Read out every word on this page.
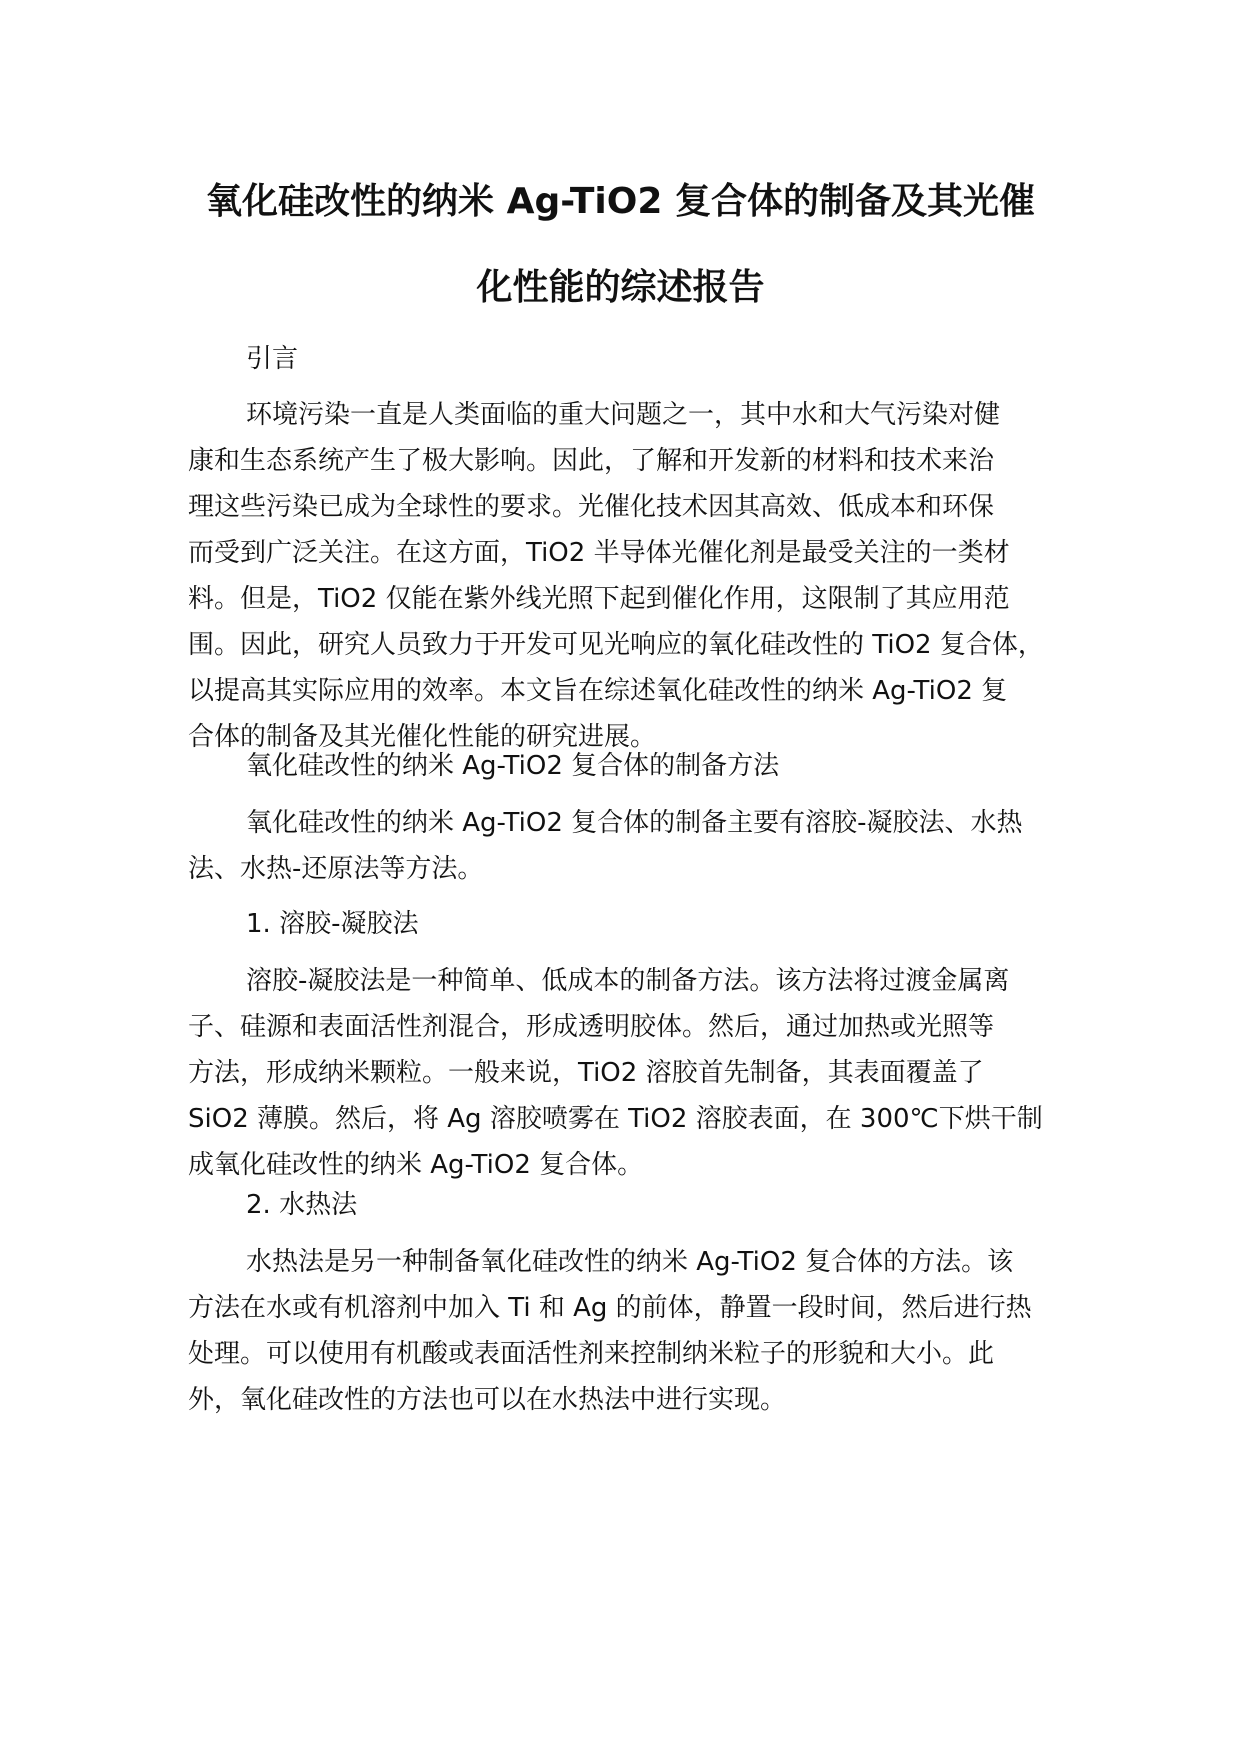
氧化硅改性的纳米 Ag-TiO2 复合体的制备及其光催
化性能的综述报告

引言

环境污染一直是人类面临的重大问题之一，其中水和大气污染对健
康和生态系统产生了极大影响。因此，了解和开发新的材料和技术来治
理这些污染已成为全球性的要求。光催化技术因其高效、低成本和环保
而受到广泛关注。在这方面，TiO2 半导体光催化剂是最受关注的一类材
料。但是，TiO2 仅能在紫外线光照下起到催化作用，这限制了其应用范
围。因此，研究人员致力于开发可见光响应的氧化硅改性的 TiO2 复合体，
以提高其实际应用的效率。本文旨在综述氧化硅改性的纳米 Ag-TiO2 复
合体的制备及其光催化性能的研究进展。

氧化硅改性的纳米 Ag-TiO2 复合体的制备方法

氧化硅改性的纳米 Ag-TiO2 复合体的制备主要有溶胶-凝胶法、水热
法、水热-还原法等方法。

1. 溶胶-凝胶法

溶胶-凝胶法是一种简单、低成本的制备方法。该方法将过渡金属离
子、硅源和表面活性剂混合，形成透明胶体。然后，通过加热或光照等
方法，形成纳米颗粒。一般来说，TiO2 溶胶首先制备，其表面覆盖了
SiO2 薄膜。然后，将 Ag 溶胶喷雾在 TiO2 溶胶表面，在 300℃下烘干制
成氧化硅改性的纳米 Ag-TiO2 复合体。

2. 水热法

水热法是另一种制备氧化硅改性的纳米 Ag-TiO2 复合体的方法。该
方法在水或有机溶剂中加入 Ti 和 Ag 的前体，静置一段时间，然后进行热
处理。可以使用有机酸或表面活性剂来控制纳米粒子的形貌和大小。此
外，氧化硅改性的方法也可以在水热法中进行实现。
